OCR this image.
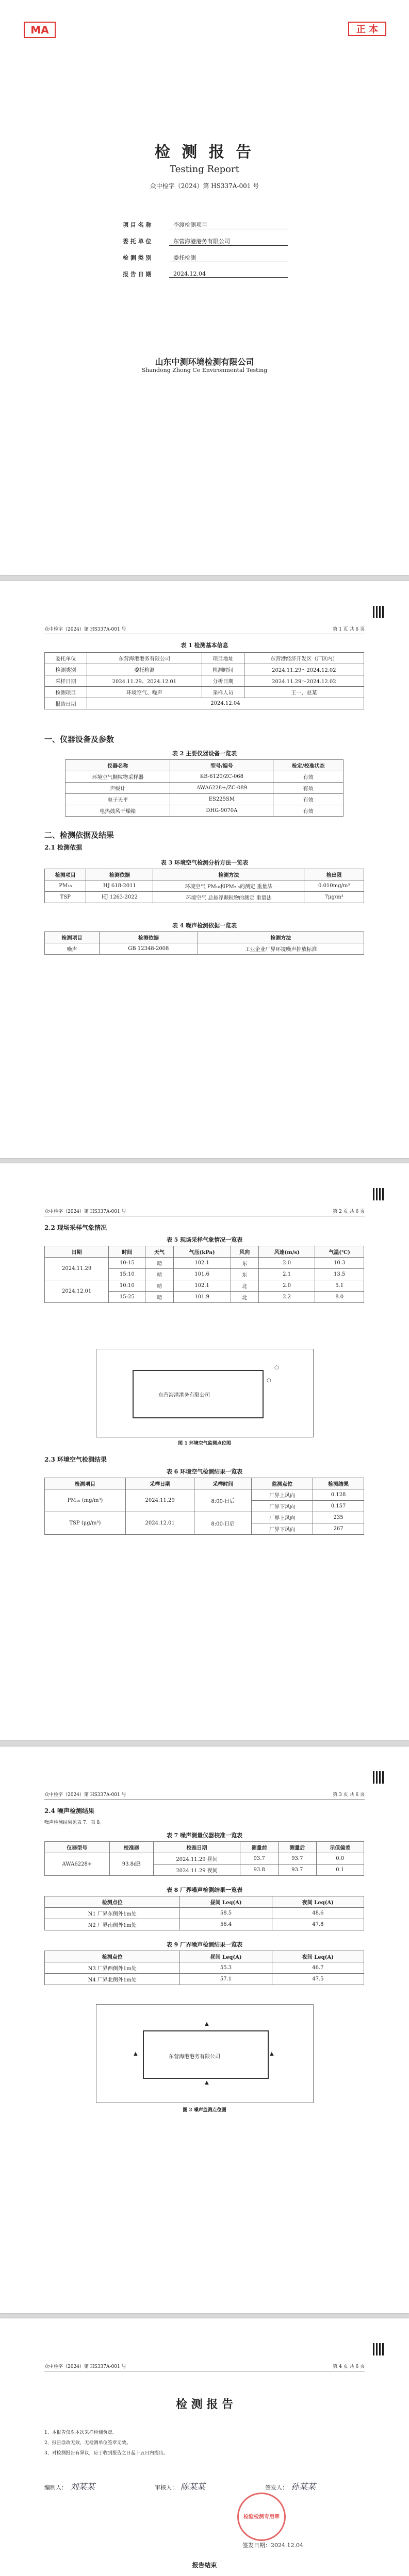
MA	正 本
检 测 报 告
Testing Report
众中检字（2024）第 HS337A-001 号
项 目 名 称	李渡检测项目
委 托 单 位	东营海港港务有限公司
检 测 类 别	委托检测
报 告 日 期	2024.12.04
山东中测环境检测有限公司
Shandong Zhong Ce Environmental Testing
众中检字（2024）第 HS337A-001 号	第 1 页 共 6 页
表 1 检测基本信息
委托单位	东营海港港务有限公司	项目地址	东营港经济开发区（厂区内）
检测类别	委托检测	检测时间	2024.11.29～2024.12.02
采样日期	2024.11.29、2024.12.01	分析日期	2024.11.29～2024.12.02
检测项目	环境空气、噪声	采样人员	王一、赵某
报告日期	2024.12.04		
一、仪器设备及参数
表 2 主要仪器设备一览表
仪器名称	型号/编号	检定/校准状态
环境空气颗粒物采样器	KB-6120/ZC-068	有效
声级计	AWA6228+/ZC-089	有效
电子天平	ES225SM	有效
电热鼓风干燥箱	DHG-9070A	有效
二、检测依据及结果
2.1 检测依据
表 3 环境空气检测分析方法一览表
检测项目	检测依据	检测方法	检出限
PM₁₀	HJ 618-2011	环境空气 PM₁₀和PM₂.₅的测定 重量法	0.010mg/m³
TSP	HJ 1263-2022	环境空气 总悬浮颗粒物的测定 重量法	7μg/m³
表 4 噪声检测依据一览表
检测项目	检测依据	检测方法
噪声	GB 12348-2008	工业企业厂界环境噪声排放标准
众中检字（2024）第 HS337A-001 号	第 2 页 共 6 页
2.2 现场采样气象情况
表 5 现场采样气象情况一览表
日期	时间	天气	气压(kPa)	风向	风速(m/s)	气温(℃)
2024.11.29	10:15	晴	102.1	东	2.0	10.3
	15:10	晴	101.6	东	2.1	13.5
2024.12.01	10:10	晴	102.1	北	2.0	5.1
	15:25	晴	101.9	北	2.2	8.0
东营海港港务有限公司
○
○
图 1 环境空气监测点位图
2.3 环境空气检测结果
表 6 环境空气检测结果一览表
检测项目	采样日期	采样时间	监测点位	检测结果
PM₁₀ (mg/m³)	2024.11.29	8:00-日后	厂界上风向	0.128
			厂界下风向	0.157
TSP (μg/m³)	2024.12.01	8:00-日后	厂界上风向	235
			厂界下风向	267
众中检字（2024）第 HS337A-001 号	第 3 页 共 6 页
2.4 噪声检测结果
噪声检测结果见表 7、表 8。
表 7 噪声测量仪器校准一览表
仪器型号	校准器	校准日期	测量前	测量后	示值偏差
AWA6228+	93.8dB	2024.11.29 昼间	93.7	93.7	0.0
		2024.11.29 夜间	93.8	93.7	0.1
表 8 厂界噪声检测结果一览表
检测点位	昼间 Leq(A)	夜间 Leq(A)
N1 厂界东侧外1m处	58.5	48.6
N2 厂界南侧外1m处	56.4	47.8
表 9 厂界噪声检测结果一览表
检测点位	昼间 Leq(A)	夜间 Leq(A)
N3 厂界西侧外1m处	55.3	46.7
N4 厂界北侧外1m处	57.1	47.5
东营海港港务有限公司
▲
▲
▲
▲
图 2 噪声监测点位图
众中检字（2024）第 HS337A-001 号	第 4 页 共 6 页
检 测 报 告
1、本报告仅对本次采样检测负责。
2、报告涂改无效，无检测单位签章无效。
3、对检测报告有异议，应于收到报告之日起十五日内提出。
编制人： 刘某某	审核人： 陈某某	签发人： 孙某某
检验检测专用章
签发日期：2024.12.04
报告结束
